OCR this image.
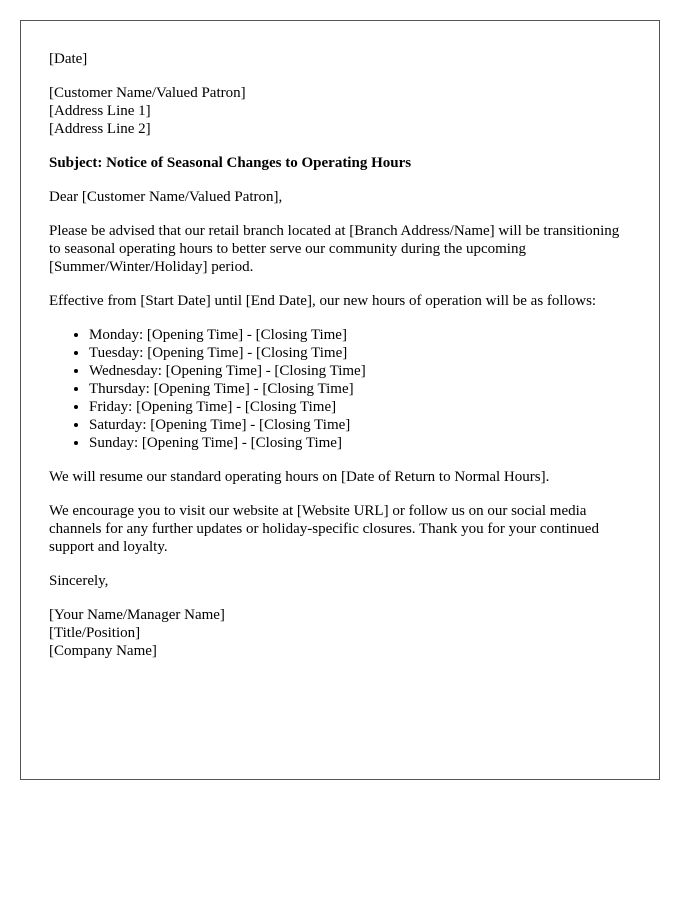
[Date]
[Customer Name/Valued Patron]
[Address Line 1]
[Address Line 2]
Subject: Notice of Seasonal Changes to Operating Hours

Dear [Customer Name/Valued Patron],

Please be advised that our retail branch located at [Branch Address/Name] will be transitioning to seasonal operating hours to better serve our community during the upcoming [Summer/Winter/Holiday] period.

Effective from [Start Date] until [End Date], our new hours of operation will be as follows:

• Monday: [Opening Time] - [Closing Time]
• Tuesday: [Opening Time] - [Closing Time]
• Wednesday: [Opening Time] - [Closing Time]
• Thursday: [Opening Time] - [Closing Time]
• Friday: [Opening Time] - [Closing Time]
• Saturday: [Opening Time] - [Closing Time]
• Sunday: [Opening Time] - [Closing Time]

We will resume our standard operating hours on [Date of Return to Normal Hours].

We encourage you to visit our website at [Website URL] or follow us on our social media channels for any further updates or holiday-specific closures. Thank you for your continued support and loyalty.

Sincerely,

[Your Name/Manager Name]
[Title/Position]
[Company Name]
